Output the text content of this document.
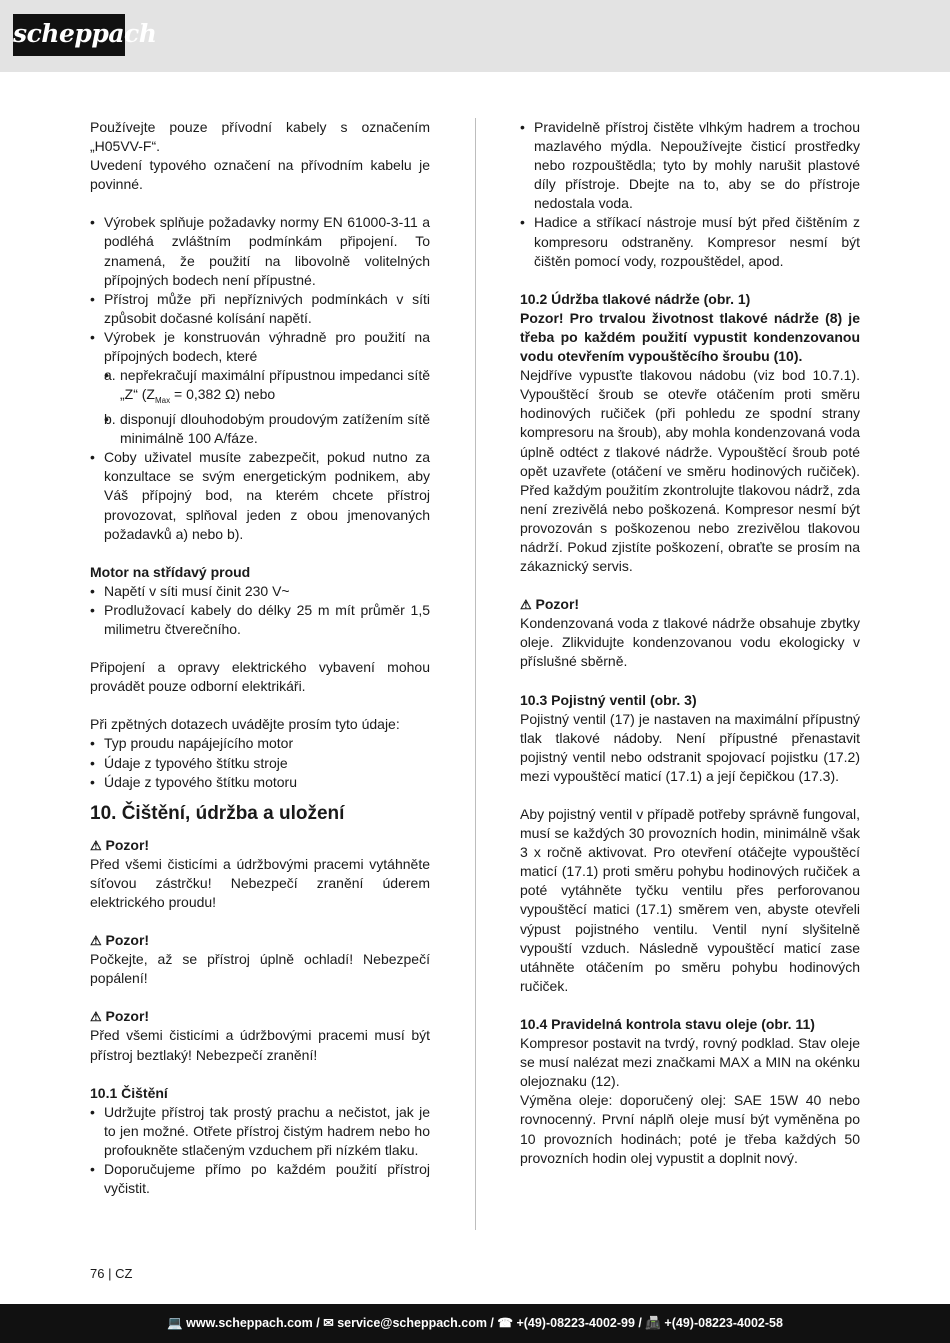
scheppach

Používejte pouze přívodní kabely s označením „H05VV-F“.

Uvedení typového označení na přívodním kabelu je povinné.

• Výrobek splňuje požadavky normy EN 61000-3-11 a podléhá zvláštním podmínkám připojení. To znamená, že použití na libovolně volitelných přípojných bodech není přípustné.
• Přístroj může při nepříznivých podmínkách v síti způsobit dočasné kolísání napětí.
• Výrobek je konstruován výhradně pro použití na přípojných bodech, které
• a. nepřekračují maximální přípustnou impedanci sítě „Z“ ($Z_{Max} = 0,382$ Ω) nebo
• b. disponují dlouhodobým proudovým zatížením sítě minimálně 100 A/fáze.
• Coby uživatel musíte zabezpečit, pokud nutno za konzultace se svým energetickým podnikem, aby Váš přípojný bod, na kterém chcete přístroj provozovat, splňoval jeden z obou jmenovaných požadavků a) nebo b).

Motor na střídavý proud

• Napětí v síti musí činit 230 V~
• Prodlužovací kabely do délky 25 m mít průměr 1,5 milimetru čtverečního.

Připojení a opravy elektrického vybavení mohou provádět pouze odborní elektrikáři.

Při zpětných dotazech uvádějte prosím tyto údaje:

• Typ proudu napájejícího motor
• Údaje z typového štítku stroje
• Údaje z typového štítku motoru

10. Čištění, údržba a uložení

⚠ Pozor!

Před všemi čisticími a údržbovými pracemi vytáhněte síťovou zástrčku! Nebezpečí zranění úderem elektrického proudu!

⚠ Pozor!

Počkejte, až se přístroj úplně ochladí! Nebezpečí popálení!

⚠ Pozor!

Před všemi čisticími a údržbovými pracemi musí být přístroj beztlaký! Nebezpečí zranění!

10.1 Čištění

• Udržujte přístroj tak prostý prachu a nečistot, jak je to jen možné. Otřete přístroj čistým hadrem nebo ho profoukněte stlačeným vzduchem při nízkém tlaku.
• Doporučujeme přímo po každém použití přístroj vyčistit.
• Pravidelně přístroj čistěte vlhkým hadrem a trochou mazlavého mýdla. Nepoužívejte čisticí prostředky nebo rozpouštědla; tyto by mohly narušit plastové díly přístroje. Dbejte na to, aby se do přístroje nedostala voda.
• Hadice a stříkací nástroje musí být před čištěním z kompresoru odstraněny. Kompresor nesmí být čištěn pomocí vody, rozpouštědel, apod.

10.2 Údržba tlakové nádrže (obr. 1)

Pozor! Pro trvalou životnost tlakové nádrže (8) je třeba po každém použití vypustit kondenzovanou vodu otevřením vypouštěcího šroubu (10).

Nejdříve vypusťte tlakovou nádobu (viz bod 10.7.1). Vypouštěcí šroub se otevře otáčením proti směru hodinových ručiček (při pohledu ze spodní strany kompresoru na šroub), aby mohla kondenzovaná voda úplně odtéct z tlakové nádrže. Vypouštěcí šroub poté opět uzavřete (otáčení ve směru hodinových ručiček). Před každým použitím zkontrolujte tlakovou nádrž, zda není zrezivělá nebo poškozená. Kompresor nesmí být provozován s poškozenou nebo zrezivělou tlakovou nádrží. Pokud zjistíte poškození, obraťte se prosím na zákaznický servis.

⚠ Pozor!

Kondenzovaná voda z tlakové nádrže obsahuje zbytky oleje. Zlikvidujte kondenzovanou vodu ekologicky v příslušné sběrně.

10.3 Pojistný ventil (obr. 3)

Pojistný ventil (17) je nastaven na maximální přípustný tlak tlakové nádoby. Není přípustné přenastavit pojistný ventil nebo odstranit spojovací pojistku (17.2) mezi vypouštěcí maticí (17.1) a její čepičkou (17.3).

Aby pojistný ventil v případě potřeby správně fungoval, musí se každých 30 provozních hodin, minimálně však 3 x ročně aktivovat. Pro otevření otáčejte vypouštěcí maticí (17.1) proti směru pohybu hodinových ručiček a poté vytáhněte tyčku ventilu přes perforovanou vypouštěcí matici (17.1) směrem ven, abyste otevřeli výpust pojistného ventilu. Ventil nyní slyšitelně vypouští vzduch. Následně vypouštěcí maticí zase utáhněte otáčením po směru pohybu hodinových ručiček.

10.4 Pravidelná kontrola stavu oleje (obr. 11)

Kompresor postavit na tvrdý, rovný podklad. Stav oleje se musí nalézat mezi značkami MAX a MIN na okénku olejoznaku (12).

Výměna oleje: doporučený olej: SAE 15W 40 nebo rovnocenný. První náplň oleje musí být vyměněna po 10 provozních hodinách; poté je třeba každých 50 provozních hodin olej vypustit a doplnit nový.

76 | CZ
💻 www.scheppach.com / ✉ service@scheppach.com / ☎ +(49)-08223-4002-99 / 📠 +(49)-08223-4002-58
